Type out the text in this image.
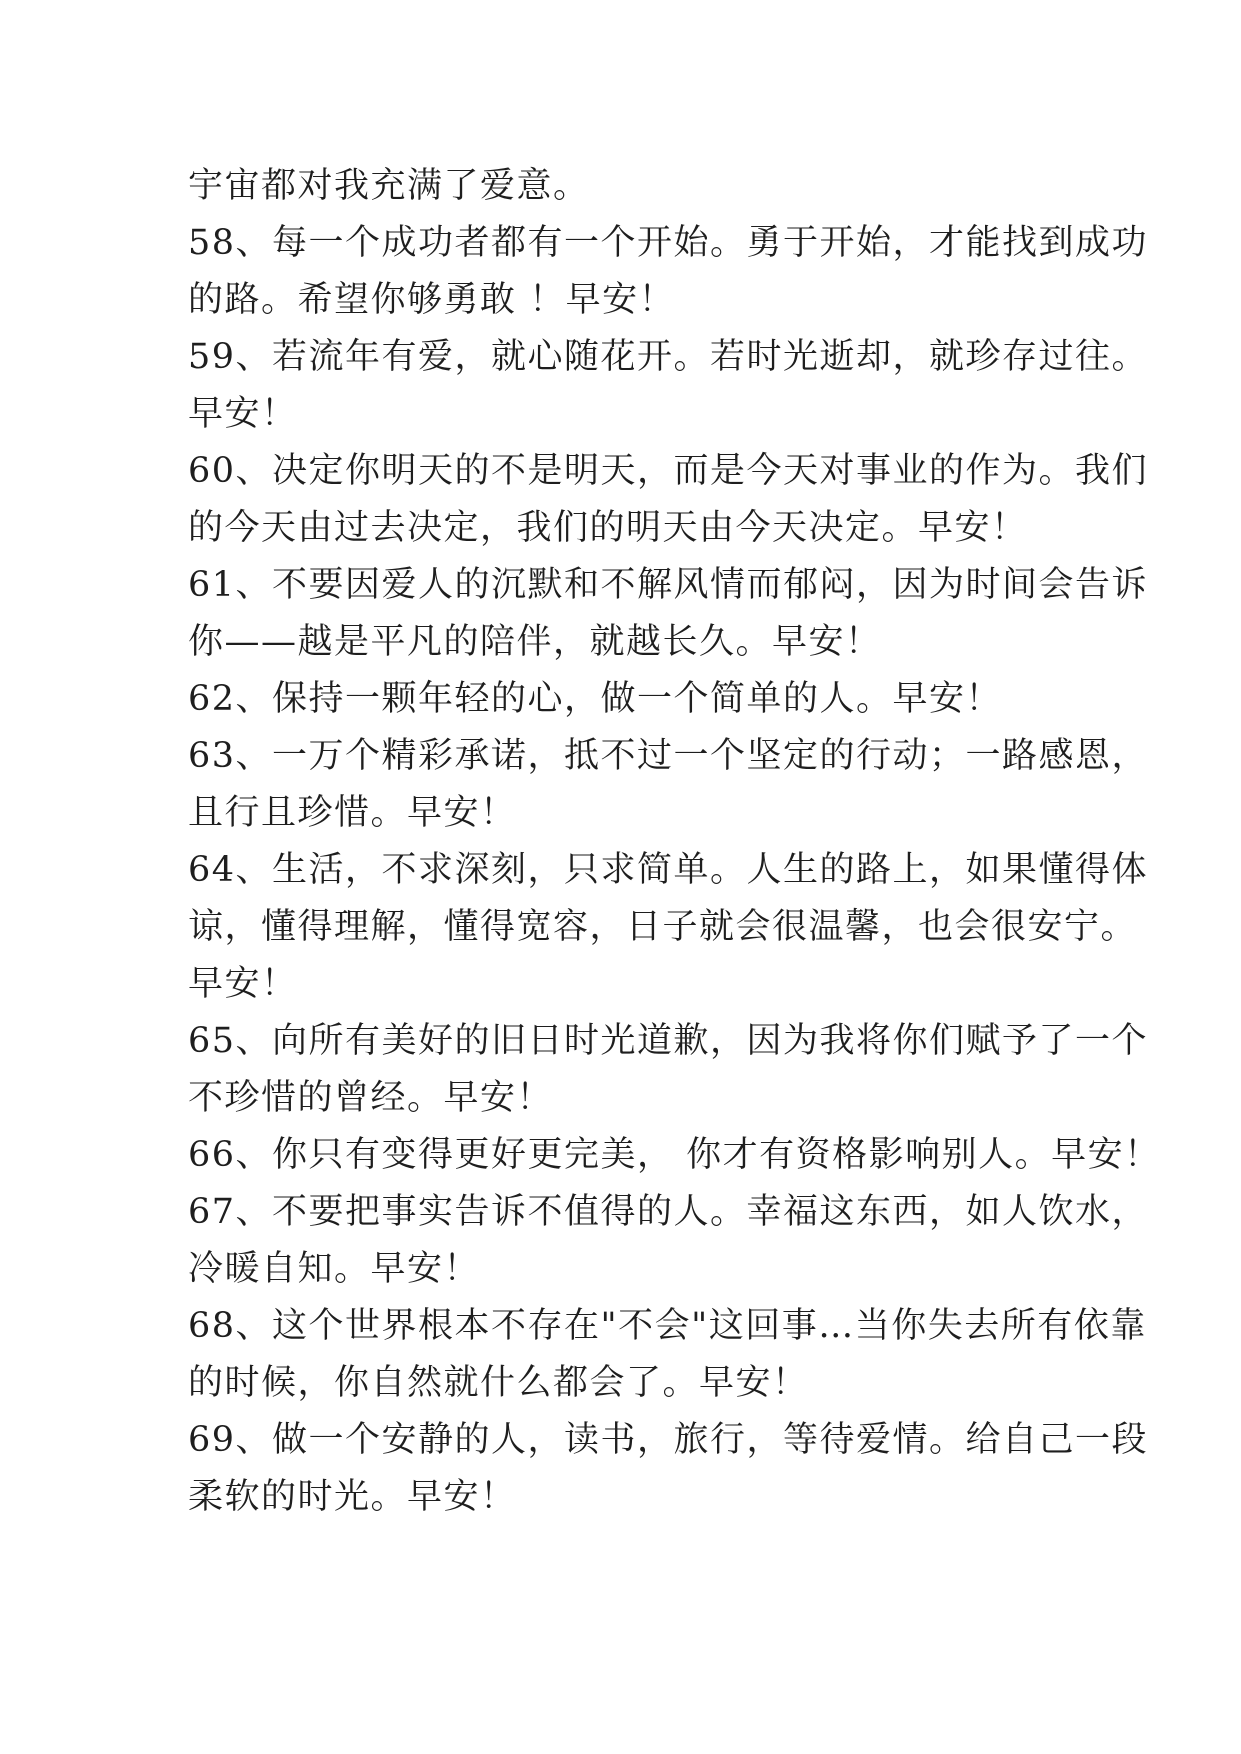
宇宙都对我充满了爱意。
58、每一个成功者都有一个开始。勇于开始，才能找到成功
的路。希望你够勇敢 ！早安！
59、若流年有爱，就心随花开。若时光逝却，就珍存过往。
早安！
60、决定你明天的不是明天，而是今天对事业的作为。我们
的今天由过去决定，我们的明天由今天决定。早安！
61、不要因爱人的沉默和不解风情而郁闷，因为时间会告诉
你——越是平凡的陪伴，就越长久。早安！
62、保持一颗年轻的心，做一个简单的人。早安！
63、一万个精彩承诺，抵不过一个坚定的行动；一路感恩，
且行且珍惜。早安！
64、生活，不求深刻，只求简单。人生的路上，如果懂得体
谅，懂得理解，懂得宽容，日子就会很温馨，也会很安宁。
早安！
65、向所有美好的旧日时光道歉，因为我将你们赋予了一个
不珍惜的曾经。早安！
66、你只有变得更好更完美， 你才有资格影响别人。早安！
67、不要把事实告诉不值得的人。幸福这东西，如人饮水，
冷暖自知。早安！
68、这个世界根本不存在"不会"这回事…当你失去所有依靠
的时候，你自然就什么都会了。早安！
69、做一个安静的人，读书，旅行，等待爱情。给自己一段
柔软的时光。早安！
